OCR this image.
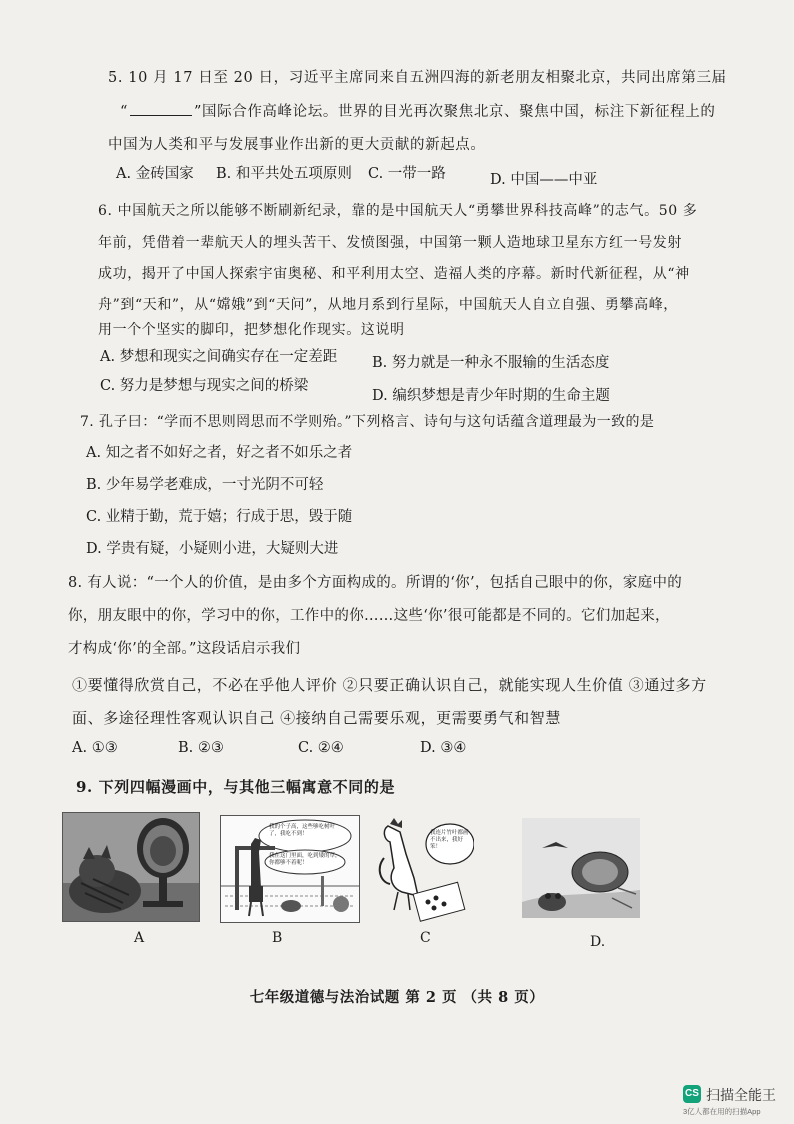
5. 10 月 17 日至 20 日，习近平主席同来自五洲四海的新老朋友相聚北京，共同出席第三届
“	”国际合作高峰论坛。世界的目光再次聚焦北京、聚焦中国，标注下新征程上的
中国为人类和平与发展事业作出新的更大贡献的新起点。
A. 金砖国家 B. 和平共处五项原则 C. 一带一路	D. 中国——中亚
6. 中国航天之所以能够不断刷新纪录，靠的是中国航天人“勇攀世界科技高峰”的志气。50 多
年前，凭借着一辈航天人的埋头苦干、发愤图强，中国第一颗人造地球卫星东方红一号发射
成功，揭开了中国人探索宇宙奥秘、和平利用太空、造福人类的序幕。新时代新征程，从“神
舟”到“天和”，从“嫦娥”到“天问”，从地月系到行星际，中国航天人自立自强、勇攀高峰，
用一个个坚实的脚印，把梦想化作现实。这说明
A. 梦想和现实之间确实存在一定差距 B. 努力就是一种永不服输的生活态度
C. 努力是梦想与现实之间的桥梁
D. 编织梦想是青少年时期的生命主题
7. 孔子曰：“学而不思则罔思而不学则殆。”下列格言、诗句与这句话蕴含道理最为一致的是
A. 知之者不如好之者，好之者不如乐之者
B. 少年易学老难成，一寸光阴不可轻
C. 业精于勤，荒于嬉；行成于思，毁于随
D. 学贵有疑，小疑则小进，大疑则大进
8. 有人说：“一个人的价值，是由多个方面构成的。所谓的‘你’，包括自己眼中的你，家庭中的
你，朋友眼中的你，学习中的你，工作中的你……这些‘你’很可能都是不同的。它们加起来，
才构成‘你’的全部。”这段话启示我们
①要懂得欣赏自己，不必在乎他人评价 ②只要正确认识自己，就能实现人生价值 ③通过多方
面、多途径理性客观认识自己 ④接纳自己需要乐观，更需要勇气和智慧
A. ①③	B. ②③	C. ②④	D. ③④
9. 下列四幅漫画中，与其他三幅寓意不同的是
A
我的个子高，这些够吃树叶了，我吃不到！
我在这门里面，吃到矮的草，你都够不着呢！
B
我连片竹叶都画不出来，我好笨！
C	D.
七年级道德与法治试题 第 2 页 （共 8 页）
CS 扫描全能王
3亿人都在用的扫描App
